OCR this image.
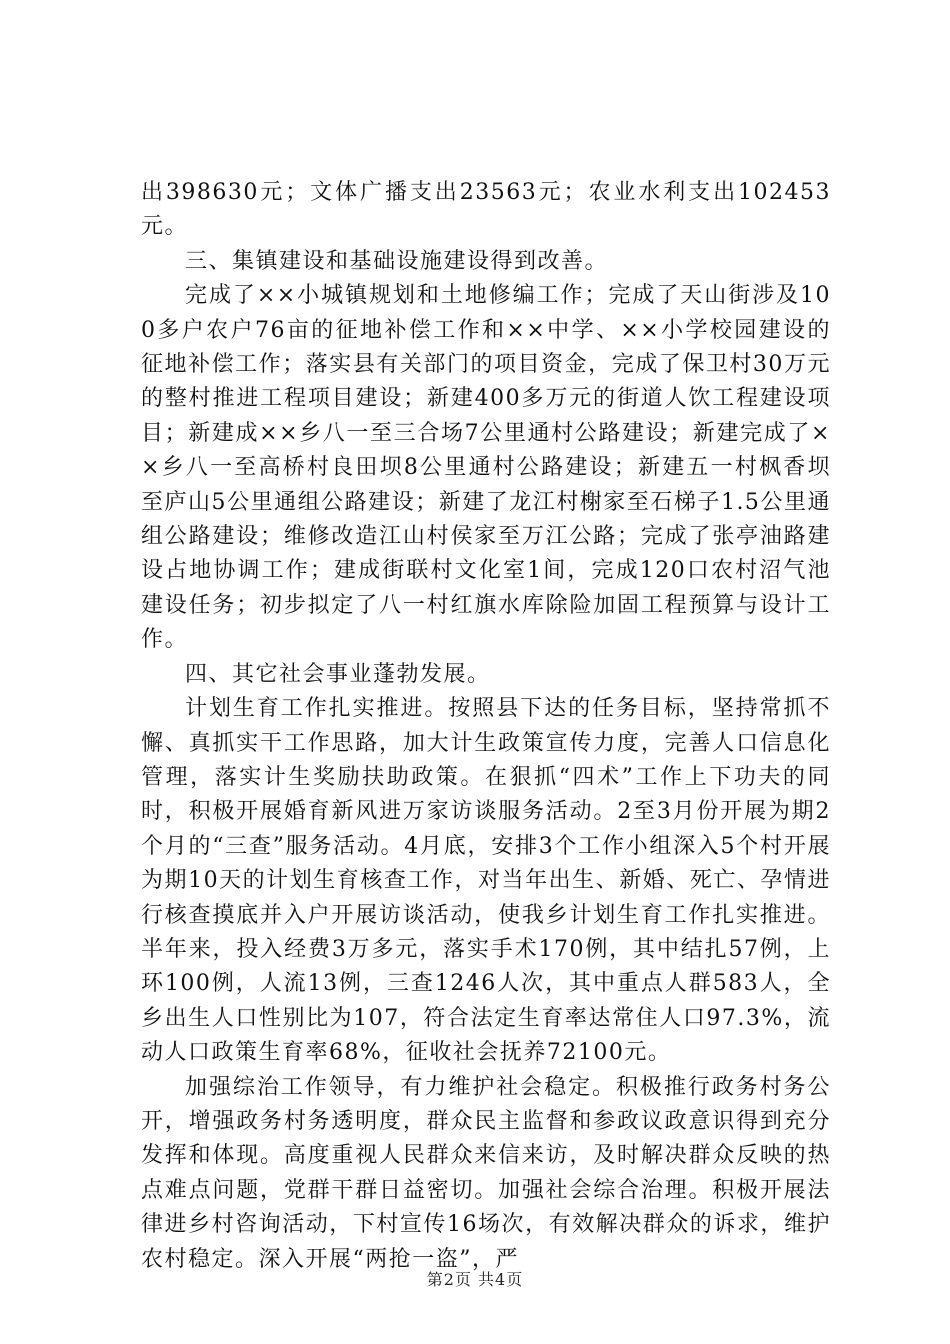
出398630元；文体广播支出23563元；农业水利支出102453元。

三、集镇建设和基础设施建设得到改善。

完成了××小城镇规划和土地修编工作；完成了天山街涉及100多户农户76亩的征地补偿工作和××中学、××小学校园建设的征地补偿工作；落实县有关部门的项目资金，完成了保卫村30万元的整村推进工程项目建设；新建400多万元的街道人饮工程建设项目；新建成××乡八一至三合场7公里通村公路建设；新建完成了××乡八一至高桥村良田坝8公里通村公路建设；新建五一村枫香坝至庐山5公里通组公路建设；新建了龙江村榭家至石梯子1.5公里通组公路建设；维修改造江山村侯家至万江公路；完成了张亭油路建设占地协调工作；建成街联村文化室1间，完成120口农村沼气池建设任务；初步拟定了八一村红旗水库除险加固工程预算与设计工作。

四、其它社会事业蓬勃发展。

计划生育工作扎实推进。按照县下达的任务目标，坚持常抓不懈、真抓实干工作思路，加大计生政策宣传力度，完善人口信息化管理，落实计生奖励扶助政策。在狠抓“四术”工作上下功夫的同时，积极开展婚育新风进万家访谈服务活动。2至3月份开展为期2个月的“三查”服务活动。4月底，安排3个工作小组深入5个村开展为期10天的计划生育核查工作，对当年出生、新婚、死亡、孕情进行核查摸底并入户开展访谈活动，使我乡计划生育工作扎实推进。半年来，投入经费3万多元，落实手术170例，其中结扎57例，上环100例，人流13例，三查1246人次，其中重点人群583人，全乡出生人口性别比为107，符合法定生育率达常住人口97.3%，流动人口政策生育率68%，征收社会抚养72100元。

加强综治工作领导，有力维护社会稳定。积极推行政务村务公开，增强政务村务透明度，群众民主监督和参政议政意识得到充分发挥和体现。高度重视人民群众来信来访，及时解决群众反映的热点难点问题，党群干群日益密切。加强社会综合治理。积极开展法律进乡村咨询活动，下村宣传16场次，有效解决群众的诉求，维护农村稳定。深入开展“两抢一盗”，严

第2页 共4页
